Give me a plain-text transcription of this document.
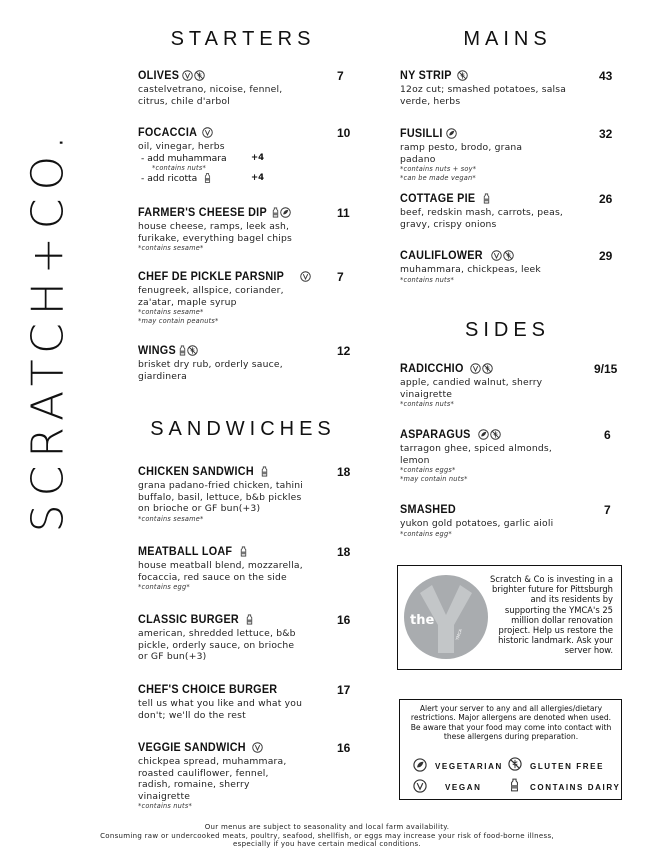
SCRATCH+CO.
STARTERS	MAINS
SANDWICHES
SIDES
OLIVES	7
castelvetrano, nicoise, fennel, citrus, chile d'arbol
FOCACCIA	10
oil, vinegar, herbs
- add muhammara	+4
*contains nuts*
- add ricotta	+4
FARMER'S CHEESE DIP	11
house cheese, ramps, leek ash, furikake, everything bagel chips
*contains sesame*
CHEF DE PICKLE PARSNIP	7
fenugreek, allspice, coriander, za'atar, maple syrup
*contains sesame*
*may contain peanuts*
WINGS	12
brisket dry rub, orderly sauce, giardinera
CHICKEN SANDWICH	18
grana padano-fried chicken, tahini buffalo, basil, lettuce, b&b pickles on brioche or GF bun(+3)
*contains sesame*
MEATBALL LOAF	18
house meatball blend, mozzarella, focaccia, red sauce on the side
*contains egg*
CLASSIC BURGER	16
american, shredded lettuce, b&b pickle, orderly sauce, on brioche or GF bun(+3)
CHEF'S CHOICE BURGER	17
tell us what you like and what you don't; we'll do the rest
VEGGIE SANDWICH	16
chickpea spread, muhammara, roasted cauliflower, fennel, radish, romaine, sherry vinaigrette
*contains nuts*
NY STRIP	43
12oz cut; smashed potatoes, salsa verde, herbs
FUSILLI	32
ramp pesto, brodo, grana padano
*contains nuts + soy*
*can be made vegan*
COTTAGE PIE	26
beef, redskin mash, carrots, peas, gravy, crispy onions
CAULIFLOWER	29
muhammara, chickpeas, leek
*contains nuts*
RADICCHIO	9/15
apple, candied walnut, sherry vinaigrette
*contains nuts*
ASPARAGUS	6
tarragon ghee, spiced almonds, lemon
*contains eggs*
*may contain nuts*
SMASHED	7
yukon gold potatoes, garlic aioli
*contains egg*
the
YMCA
Scratch & Co is investing in a brighter future for Pittsburgh and its residents by supporting the YMCA's 25 million dollar renovation project. Help us restore the historic landmark. Ask your server how.
Alert your server to any and all allergies/dietary restrictions. Major allergens are denoted when used. Be aware that your food may come into contact with these allergens during preparation.
VEGETARIAN	GLUTEN FREE
VEGAN	CONTAINS DAIRY
Our menus are subject to seasonality and local farm availability.
Consuming raw or undercooked meats, poultry, seafood, shellfish, or eggs may increase your risk of food-borne illness,
especially if you have certain medical conditions.
